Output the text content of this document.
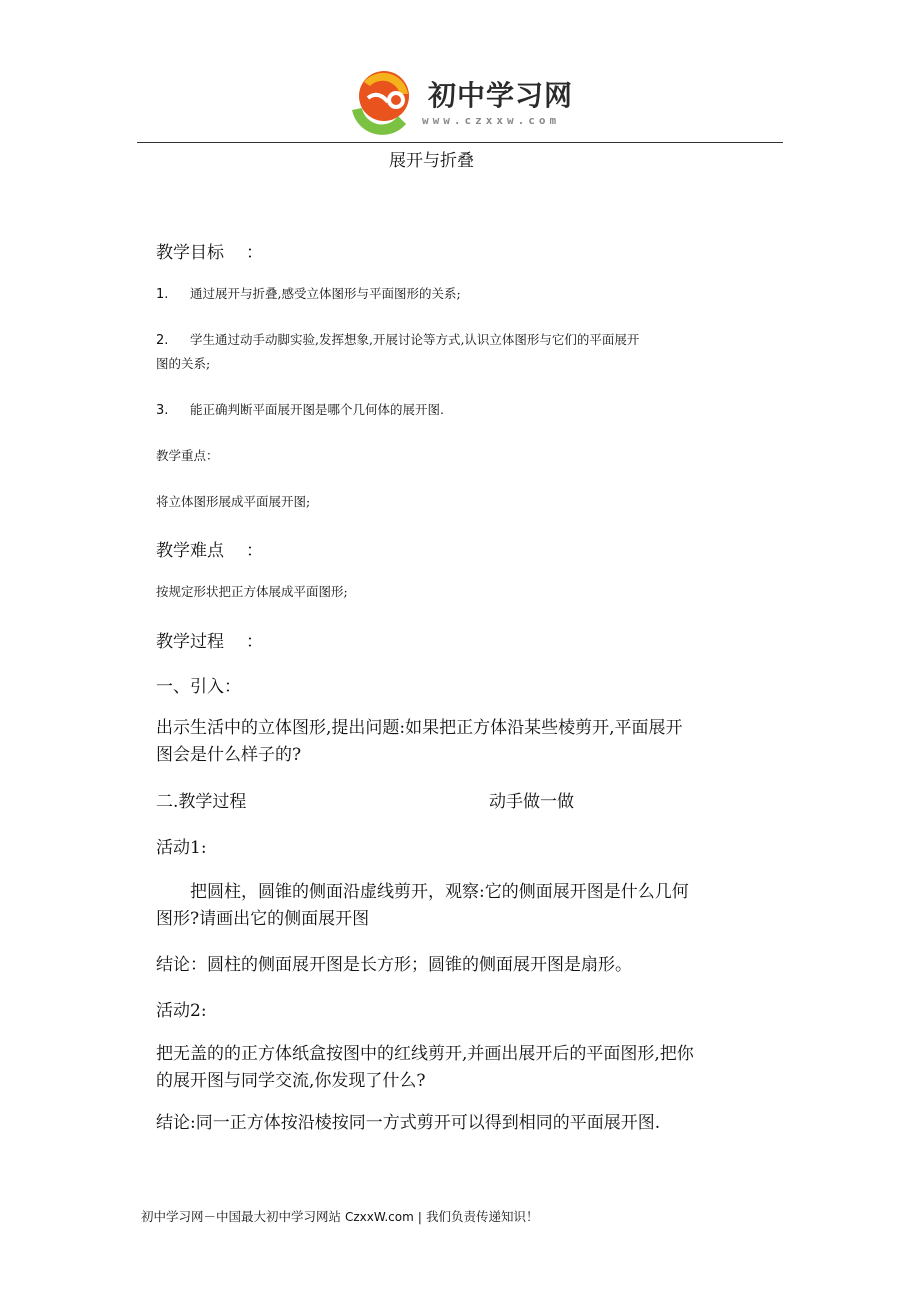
初中学习网
www.czxxw.com
展开与折叠
教学目标 ：
1. 通过展开与折叠,感受立体图形与平面图形的关系;
2. 学生通过动手动脚实验,发挥想象,开展讨论等方式,认识立体图形与它们的平面展开
图的关系;
3. 能正确判断平面展开图是哪个几何体的展开图.
教学重点：
将立体图形展成平面展开图;
教学难点 ：
按规定形状把正方体展成平面图形;
教学过程 ：
一、引入：
出示生活中的立体图形,提出问题:如果把正方体沿某些棱剪开,平面展开图会是什么样子的?
二.教学过程	动手做一做
活动1:
把圆柱，圆锥的侧面沿虚线剪开，观察:它的侧面展开图是什么几何图形?请画出它的侧面展开图
结论：圆柱的侧面展开图是长方形；圆锥的侧面展开图是扇形。
活动2:
把无盖的的正方体纸盒按图中的红线剪开,并画出展开后的平面图形,把你的展开图与同学交流,你发现了什么?
结论:同一正方体按沿棱按同一方式剪开可以得到相同的平面展开图.
初中学习网－中国最大初中学习网站 CzxxW.com | 我们负责传递知识！
